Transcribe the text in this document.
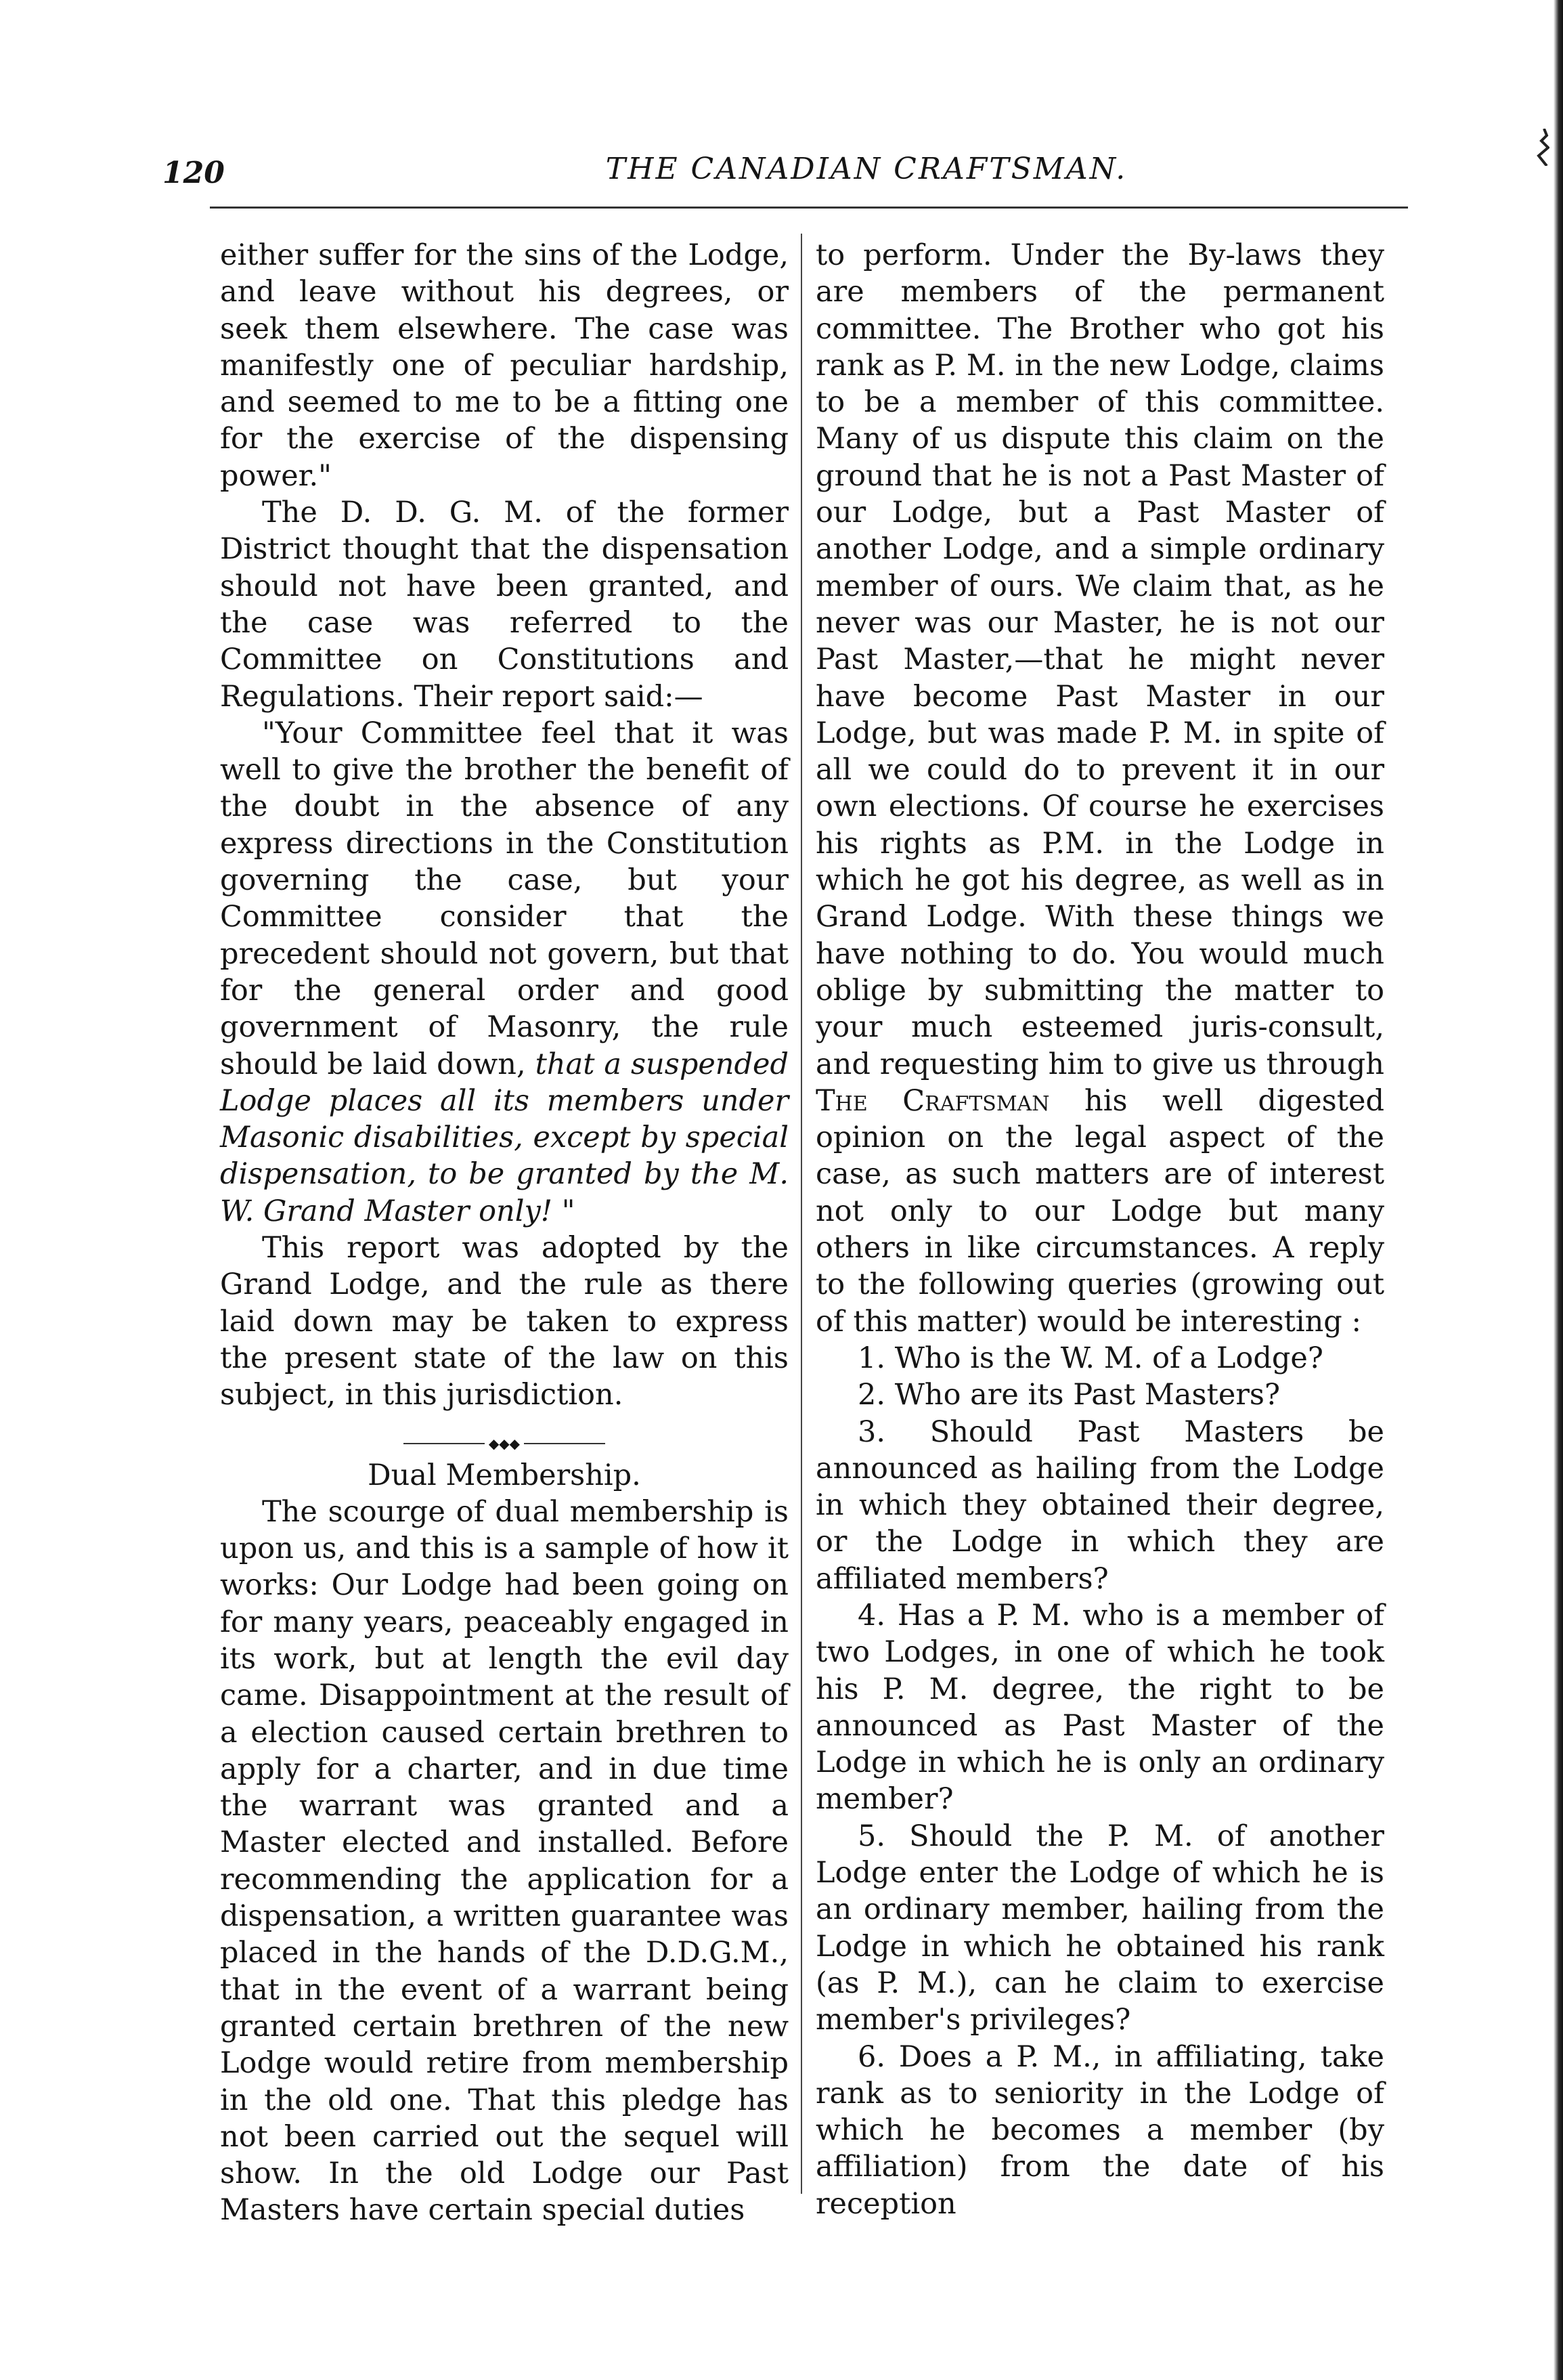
120	THE CANADIAN CRAFTSMAN.

either suffer for the sins of the Lodge, and leave without his degrees, or seek them elsewhere. The case was manifestly one of peculiar hardship, and seemed to me to be a fitting one for the exercise of the dispensing power."

The D. D. G. M. of the former District thought that the dispensation should not have been granted, and the case was referred to the Committee on Constitutions and Regulations. Their report said:—

"Your Committee feel that it was well to give the brother the benefit of the doubt in the absence of any express directions in the Constitution governing the case, but your Committee consider that the precedent should not govern, but that for the general order and good government of Masonry, the rule should be laid down, that a suspended Lodge places all its members under Masonic disabilities, except by special dispensation, to be granted by the M. W. Grand Master only! "

This report was adopted by the Grand Lodge, and the rule as there laid down may be taken to express the present state of the law on this subject, in this jurisdiction.

◆◆◆

Dual Membership.

The scourge of dual membership is upon us, and this is a sample of how it works: Our Lodge had been going on for many years, peaceably engaged in its work, but at length the evil day came. Disappointment at the result of a election caused certain brethren to apply for a charter, and in due time the warrant was granted and a Master elected and installed. Before recommending the application for a dispensation, a written guarantee was placed in the hands of the D.D.G.M., that in the event of a warrant being granted certain brethren of the new Lodge would retire from membership in the old one. That this pledge has not been carried out the sequel will show. In the old Lodge our Past Masters have certain special duties

to perform. Under the By-laws they are members of the permanent committee. The Brother who got his rank as P. M. in the new Lodge, claims to be a member of this committee. Many of us dispute this claim on the ground that he is not a Past Master of our Lodge, but a Past Master of another Lodge, and a simple ordinary member of ours. We claim that, as he never was our Master, he is not our Past Master,—that he might never have become Past Master in our Lodge, but was made P. M. in spite of all we could do to prevent it in our own elections. Of course he exercises his rights as P.M. in the Lodge in which he got his degree, as well as in Grand Lodge. With these things we have nothing to do. You would much oblige by submitting the matter to your much esteemed juris-consult, and requesting him to give us through The Craftsman his well digested opinion on the legal aspect of the case, as such matters are of interest not only to our Lodge but many others in like circumstances. A reply to the following queries (growing out of this matter) would be interesting :

1. Who is the W. M. of a Lodge?

2. Who are its Past Masters?

3. Should Past Masters be announced as hailing from the Lodge in which they obtained their degree, or the Lodge in which they are affiliated members?

4. Has a P. M. who is a member of two Lodges, in one of which he took his P. M. degree, the right to be announced as Past Master of the Lodge in which he is only an ordinary member?

5. Should the P. M. of another Lodge enter the Lodge of which he is an ordinary member, hailing from the Lodge in which he obtained his rank (as P. M.), can he claim to exercise member's privileges?

6. Does a P. M., in affiliating, take rank as to seniority in the Lodge of which he becomes a member (by affiliation) from the date of his reception
